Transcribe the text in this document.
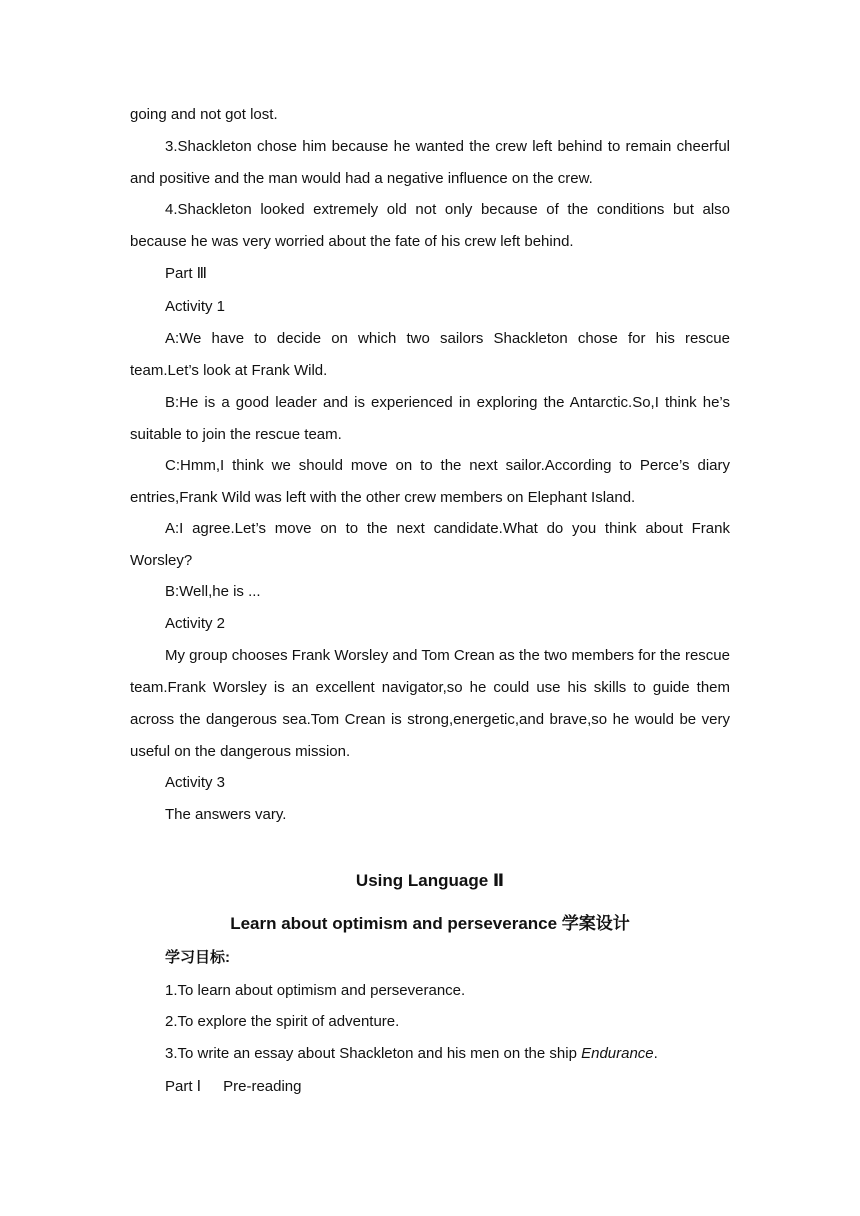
going and not got lost.
3.Shackleton chose him because he wanted the crew left behind to remain cheerful and positive and the man would had a negative influence on the crew.
4.Shackleton looked extremely old not only because of the conditions but also because he was very worried about the fate of his crew left behind.
Part Ⅲ
Activity 1
A:We have to decide on which two sailors Shackleton chose for his rescue team.Let’s look at Frank Wild.
B:He is a good leader and is experienced in exploring the Antarctic.So,I think he’s suitable to join the rescue team.
C:Hmm,I think we should move on to the next sailor.According to Perce’s diary entries,Frank Wild was left with the other crew members on Elephant Island.
A:I agree.Let’s move on to the next candidate.What do you think about Frank Worsley?
B:Well,he is ...
Activity 2
My group chooses Frank Worsley and Tom Crean as the two members for the rescue team.Frank Worsley is an excellent navigator,so he could use his skills to guide them across the dangerous sea.Tom Crean is strong,energetic,and brave,so he would be very useful on the dangerous mission.
Activity 3
The answers vary.
Using Language Ⅱ
Learn about optimism and perseverance 学案设计
学习目标:
1.To learn about optimism and perseverance.
2.To explore the spirit of adventure.
3.To write an essay about Shackleton and his men on the ship Endurance.
Part Ⅰ Pre-reading
